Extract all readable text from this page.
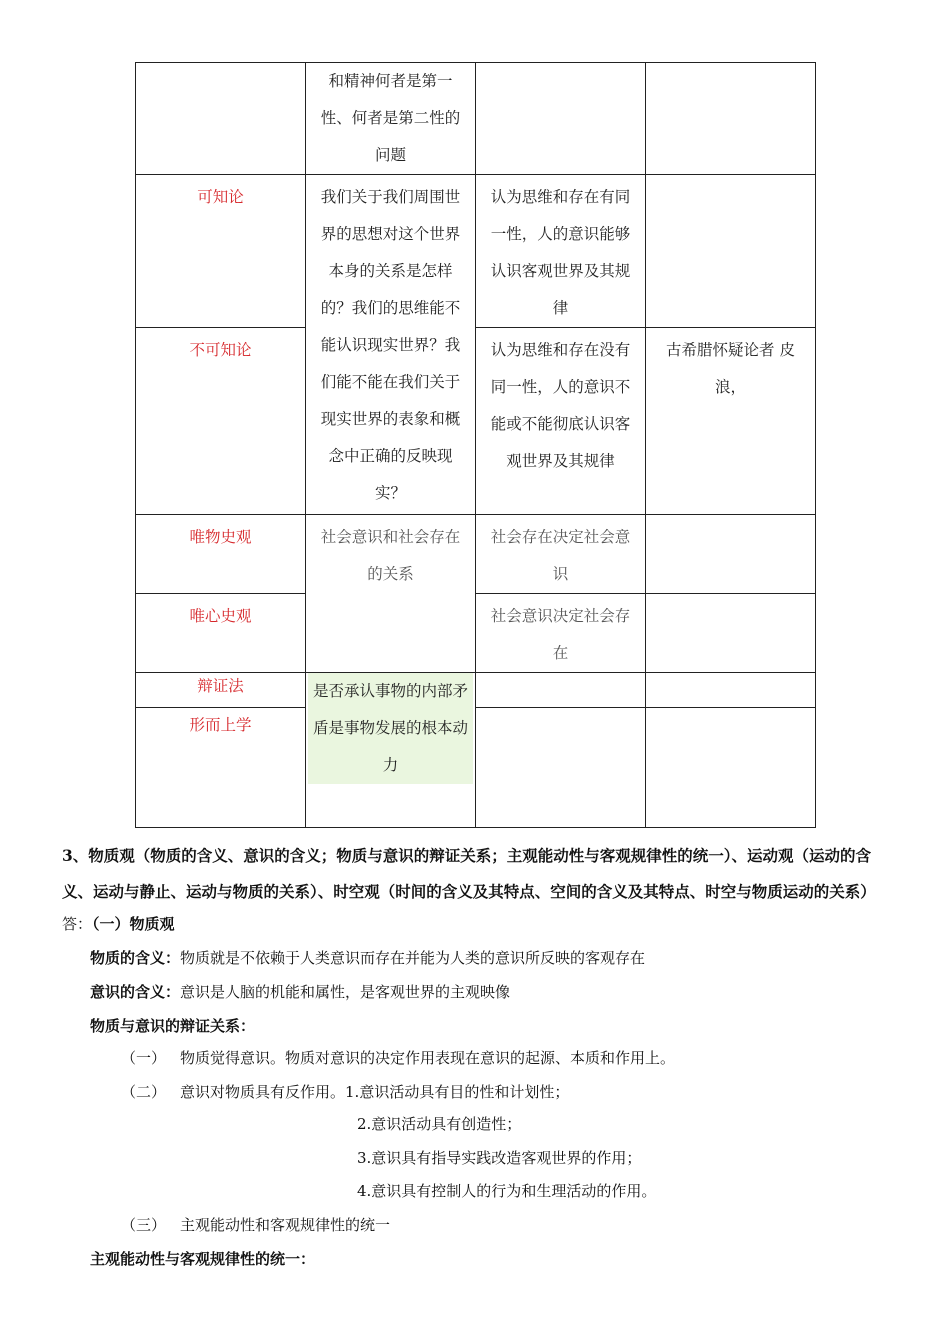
	和精神何者是第一性、何者是第二性的问题		
可知论	我们关于我们周围世界的思想对这个世界本身的关系是怎样的？我们的思维能不能认识现实世界？我们能不能在我们关于现实世界的表象和概念中正确的反映现实？	认为思维和存在有同一性，人的意识能够认识客观世界及其规律	
不可知论		认为思维和存在没有同一性，人的意识不能或不能彻底认识客观世界及其规律	古希腊怀疑论者 皮浪，
唯物史观	社会意识和社会存在的关系	社会存在决定社会意识	
唯心史观		社会意识决定社会存在	
辩证法	是否承认事物的内部矛盾是事物发展的根本动力		

形而上学			
3、物质观（物质的含义、意识的含义；物质与意识的辩证关系；主观能动性与客观规律性的统一）、运动观（运动的含义、运动与静止、运动与物质的关系）、时空观（时间的含义及其特点、空间的含义及其特点、时空与物质运动的关系）
答：（一）物质观
物质的含义：物质就是不依赖于人类意识而存在并能为人类的意识所反映的客观存在
意识的含义：意识是人脑的机能和属性，是客观世界的主观映像
物质与意识的辩证关系：
（一） 物质觉得意识。物质对意识的决定作用表现在意识的起源、本质和作用上。
（二） 意识对物质具有反作用。1.意识活动具有目的性和计划性；
2.意识活动具有创造性；
3.意识具有指导实践改造客观世界的作用；
4.意识具有控制人的行为和生理活动的作用。
（三） 主观能动性和客观规律性的统一
主观能动性与客观规律性的统一：
